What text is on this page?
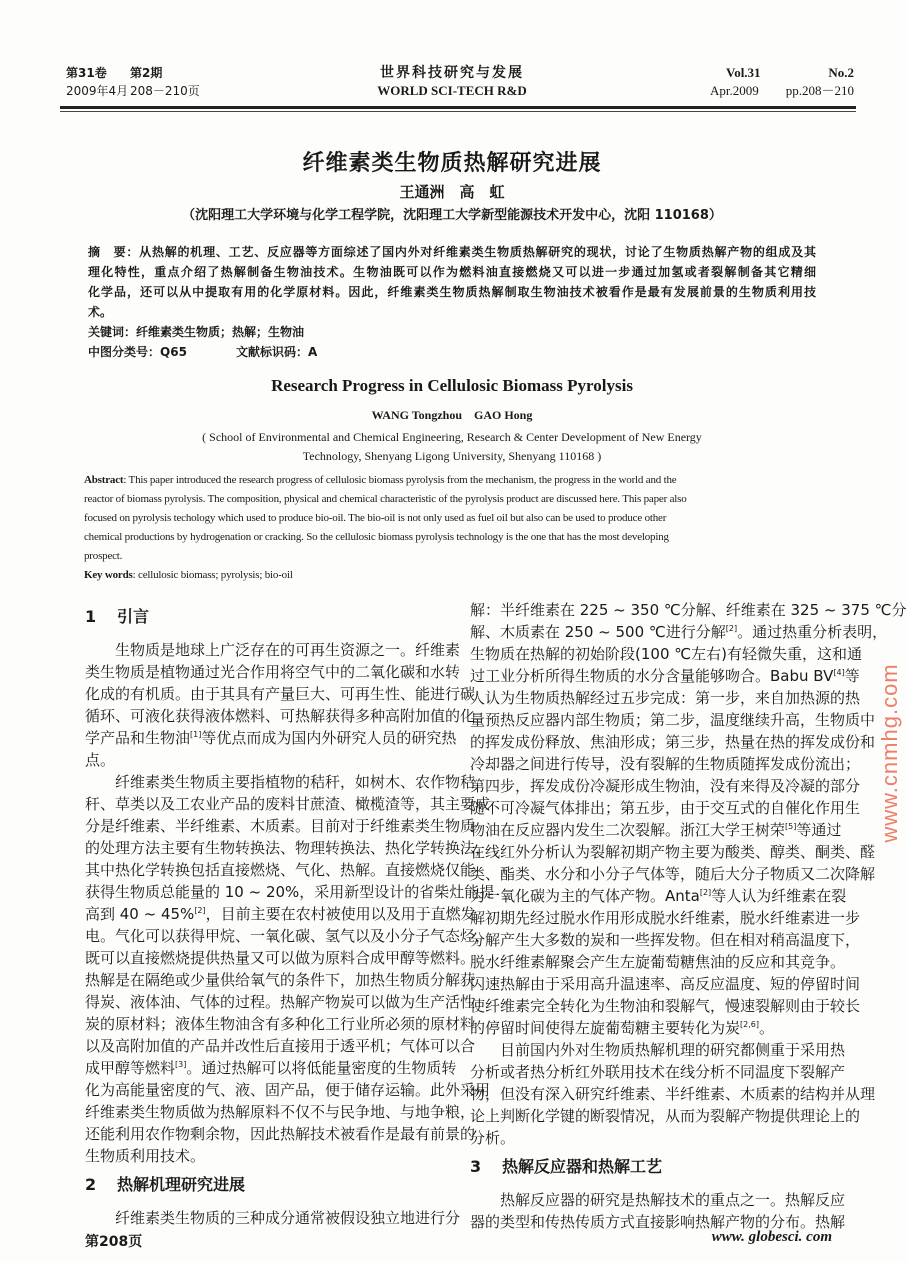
第31卷 第2期
2009年4月 208－210页
世界科技研究与发展
WORLD SCI-TECH R&D
Vol.31	No.2
Apr.2009 pp.208－210
纤维素类生物质热解研究进展
王通洲　高　虹
（沈阳理工大学环境与化学工程学院，沈阳理工大学新型能源技术开发中心，沈阳 110168）
摘　要：从热解的机理、工艺、反应器等方面综述了国内外对纤维素类生物质热解研究的现状，讨论了生物质热解产物的组成及其
理化特性，重点介绍了热解制备生物油技术。生物油既可以作为燃料油直接燃烧又可以进一步通过加氢或者裂解制备其它精细
化学品，还可以从中提取有用的化学原材料。因此，纤维素类生物质热解制取生物油技术被看作是最有发展前景的生物质利用技
术。
关键词：纤维素类生物质；热解；生物油
中图分类号：Q65	文献标识码：A
Research Progress in Cellulosic Biomass Pyrolysis
WANG Tongzhou　GAO Hong
( School of Environmental and Chemical Engineering, Research & Center Development of New Energy
Technology, Shenyang Ligong University, Shenyang 110168 )
Abstract: This paper introduced the research progress of cellulosic biomass pyrolysis from the mechanism, the progress in the world and the
reactor of biomass pyrolysis. The composition, physical and chemical characteristic of the pyrolysis product are discussed here. This paper also
focused on pyrolysis techology which used to produce bio-oil. The bio-oil is not only used as fuel oil but also can be used to produce other
chemical productions by hydrogenation or cracking. So the cellulosic biomass pyrolysis technology is the one that has the most developing
prospect.
Key words: cellulosic biomass; pyrolysis; bio-oil
1 引言
生物质是地球上广泛存在的可再生资源之一。纤维素
类生物质是植物通过光合作用将空气中的二氧化碳和水转
化成的有机质。由于其具有产量巨大、可再生性、能进行碳
循环、可液化获得液体燃料、可热解获得多种高附加值的化
学产品和生物油[1]等优点而成为国内外研究人员的研究热
点。
纤维素类生物质主要指植物的秸秆，如树木、农作物秸
秆、草类以及工农业产品的废料甘蔗渣、橄榄渣等，其主要成
分是纤维素、半纤维素、木质素。目前对于纤维素类生物质
的处理方法主要有生物转换法、物理转换法、热化学转换法，
其中热化学转换包括直接燃烧、气化、热解。直接燃烧仅能
获得生物质总能量的 10 ~ 20%，采用新型设计的省柴灶能提
高到 40 ~ 45%[2]，目前主要在农村被使用以及用于直燃发
电。气化可以获得甲烷、一氧化碳、氢气以及小分子气态烃，
既可以直接燃烧提供热量又可以做为原料合成甲醇等燃料。
热解是在隔绝或少量供给氧气的条件下，加热生物质分解获
得炭、液体油、气体的过程。热解产物炭可以做为生产活性
炭的原材料；液体生物油含有多种化工行业所必须的原材料
以及高附加值的产品并改性后直接用于透平机；气体可以合
成甲醇等燃料[3]。通过热解可以将低能量密度的生物质转
化为高能量密度的气、液、固产品，便于储存运输。此外采用
纤维素类生物质做为热解原料不仅不与民争地、与地争粮，
还能利用农作物剩余物，因此热解技术被看作是最有前景的
生物质利用技术。
2 热解机理研究进展
纤维素类生物质的三种成分通常被假设独立地进行分
解：半纤维素在 225 ~ 350 ℃分解、纤维素在 325 ~ 375 ℃分
解、木质素在 250 ~ 500 ℃进行分解[2]。通过热重分析表明，
生物质在热解的初始阶段(100 ℃左右)有轻微失重，这和通
过工业分析所得生物质的水分含量能够吻合。Babu BV[4]等
人认为生物质热解经过五步完成：第一步，来自加热源的热
量预热反应器内部生物质；第二步，温度继续升高，生物质中
的挥发成份释放、焦油形成；第三步，热量在热的挥发成份和
冷却器之间进行传导，没有裂解的生物质随挥发成份流出；
第四步，挥发成份冷凝形成生物油，没有来得及冷凝的部分
随不可冷凝气体排出；第五步，由于交互式的自催化作用生
物油在反应器内发生二次裂解。浙江大学王树荣[5]等通过
在线红外分析认为裂解初期产物主要为酸类、醇类、酮类、醛
类、酯类、水分和小分子气体等，随后大分子物质又二次降解
为一氧化碳为主的气体产物。Anta[2]等人认为纤维素在裂
解初期先经过脱水作用形成脱水纤维素，脱水纤维素进一步
分解产生大多数的炭和一些挥发物。但在相对稍高温度下，
脱水纤维素解聚会产生左旋葡萄糖焦油的反应和其竞争。
闪速热解由于采用高升温速率、高反应温度、短的停留时间
使纤维素完全转化为生物油和裂解气，慢速裂解则由于较长
的停留时间使得左旋葡萄糖主要转化为炭[2,6]。
目前国内外对生物质热解机理的研究都侧重于采用热
分析或者热分析红外联用技术在线分析不同温度下裂解产
物，但没有深入研究纤维素、半纤维素、木质素的结构并从理
论上判断化学键的断裂情况，从而为裂解产物提供理论上的
分析。
3 热解反应器和热解工艺
热解反应器的研究是热解技术的重点之一。热解反应
器的类型和传热传质方式直接影响热解产物的分布。热解
第208页	www. globesci. com
www.cnmhg.com
